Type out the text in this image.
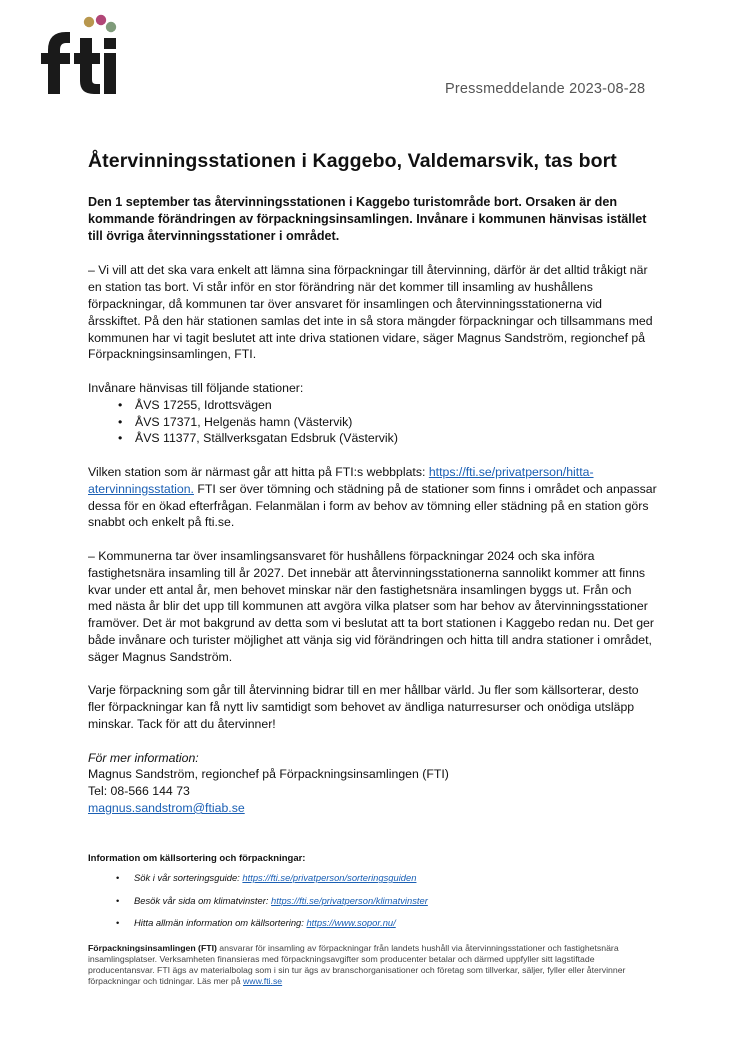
Pressmeddelande 2023-08-28
Återvinningsstationen i Kaggebo, Valdemarsvik, tas bort

Den 1 september tas återvinningsstationen i Kaggebo turistområde bort. Orsaken är den kommande förändringen av förpackningsinsamlingen. Invånare i kommunen hänvisas istället till övriga återvinningsstationer i området.

– Vi vill att det ska vara enkelt att lämna sina förpackningar till återvinning, därför är det alltid tråkigt när en station tas bort. Vi står inför en stor förändring när det kommer till insamling av hushållens förpackningar, då kommunen tar över ansvaret för insamlingen och återvinningsstationerna vid årsskiftet. På den här stationen samlas det inte in så stora mängder förpackningar och tillsammans med kommunen har vi tagit beslutet att inte driva stationen vidare, säger Magnus Sandström, regionchef på Förpackningsinsamlingen, FTI.

Invånare hänvisas till följande stationer:

• ÅVS 17255, Idrottsvägen
• ÅVS 17371, Helgenäs hamn (Västervik)
• ÅVS 11377, Ställverksgatan Edsbruk (Västervik)

Vilken station som är närmast går att hitta på FTI:s webbplats: https://fti.se/privatperson/hitta-atervinningsstation. FTI ser över tömning och städning på de stationer som finns i området och anpassar dessa för en ökad efterfrågan. Felanmälan i form av behov av tömning eller städning på en station görs snabbt och enkelt på fti.se.

– Kommunerna tar över insamlingsansvaret för hushållens förpackningar 2024 och ska införa fastighetsnära insamling till år 2027. Det innebär att återvinningsstationerna sannolikt kommer att finns kvar under ett antal år, men behovet minskar när den fastighetsnära insamlingen byggs ut. Från och med nästa år blir det upp till kommunen att avgöra vilka platser som har behov av återvinningsstationer framöver. Det är mot bakgrund av detta som vi beslutat att ta bort stationen i Kaggebo redan nu. Det ger både invånare och turister möjlighet att vänja sig vid förändringen och hitta till andra stationer i området, säger Magnus Sandström.

Varje förpackning som går till återvinning bidrar till en mer hållbar värld. Ju fler som källsorterar, desto fler förpackningar kan få nytt liv samtidigt som behovet av ändliga naturresurser och onödiga utsläpp minskar. Tack för att du återvinner!

För mer information:

Magnus Sandström, regionchef på Förpackningsinsamlingen (FTI)

Tel: 08-566 144 73

magnus.sandstrom@ftiab.se

Information om källsortering och förpackningar:
• Sök i vår sorteringsguide: https://fti.se/privatperson/sorteringsguiden
• Besök vår sida om klimatvinster: https://fti.se/privatperson/klimatvinster
• Hitta allmän information om källsortering: https://www.sopor.nu/
Förpackningsinsamlingen (FTI) ansvarar för insamling av förpackningar från landets hushåll via återvinningsstationer och fastighetsnära insamlingsplatser. Verksamheten finansieras med förpackningsavgifter som producenter betalar och därmed uppfyller sitt lagstiftade producentansvar. FTI ägs av materialbolag som i sin tur ägs av branschorganisationer och företag som tillverkar, säljer, fyller eller återvinner förpackningar och tidningar. Läs mer på www.fti.se
